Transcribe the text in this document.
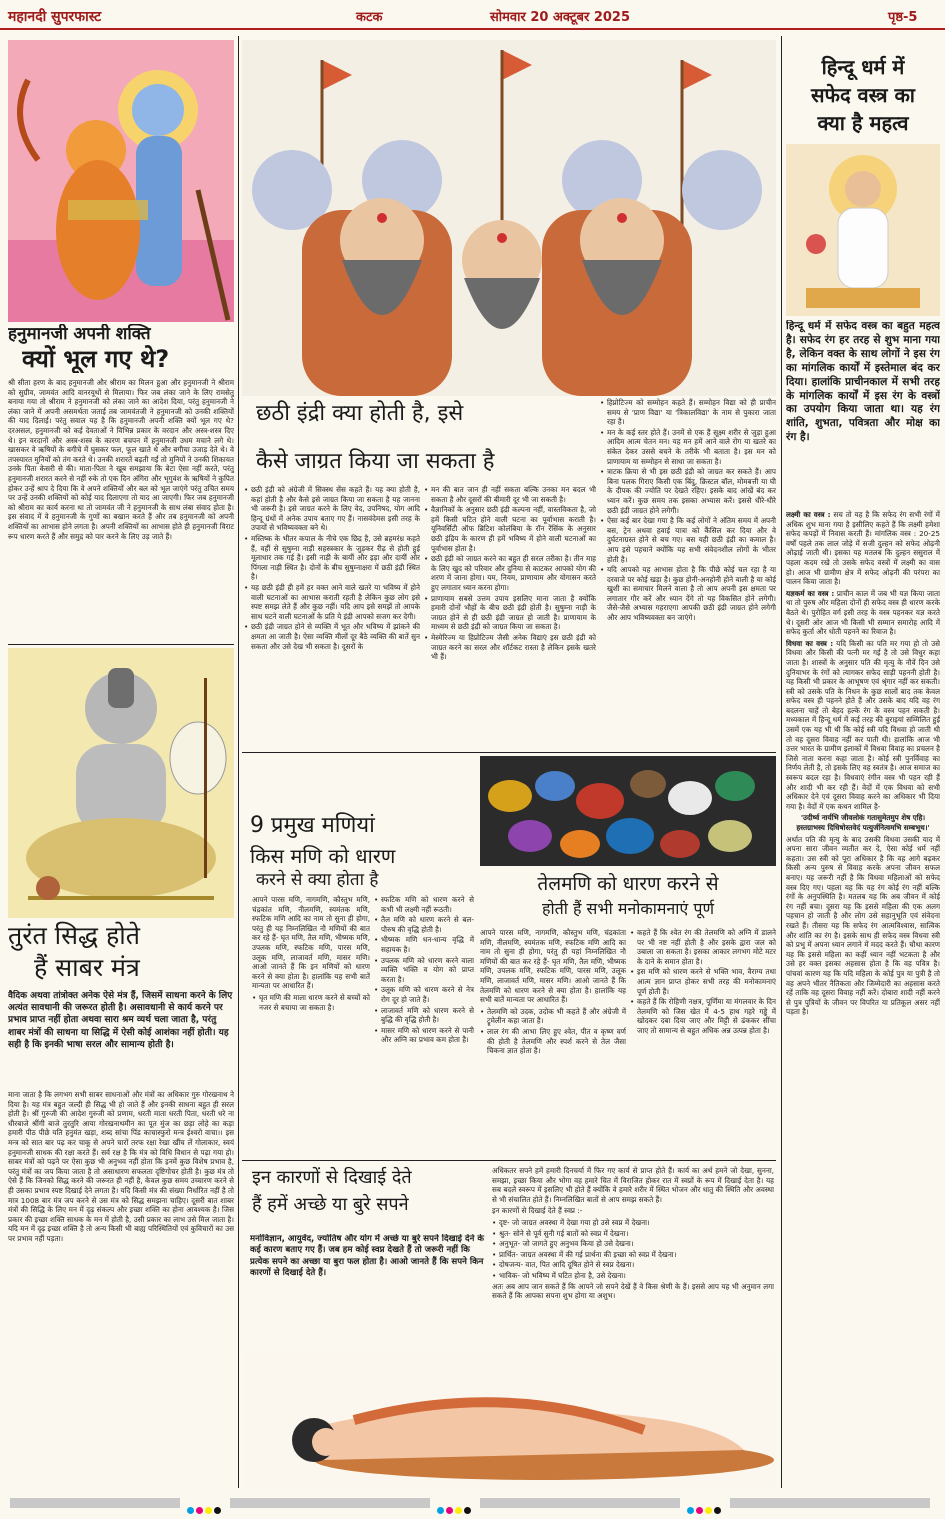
महानदी सुपरफास्ट	कटक	सोमवार 20 अक्टूबर 2025	पृष्ठ-5
हनुमानजी अपनी शक्ति
क्यों भूल गए थे?
श्री सीता हरण के बाद हनुमानजी और श्रीराम का मिलन हुआ और हनुमानजी ने श्रीराम को सुग्रीव, जामवंत आदि वानरयूथों से मिलाया। फिर जब लंका जाने के लिए रामसेतु बनाया गया तो श्रीराम ने हनुमानजी को लंका जाने का आदेश दिया, परंतु हनुमानजी ने लंका जाने में अपनी असमर्थता जताई तब जामवंतजी ने हनुमानजी को उनकी शक्तियों की याद दिलाई। परंतु सवाल यह है कि हनुमानजी अपनी शक्ति क्यों भूल गए थे? दरअसल, हनुमानजी को कई देवताओं ने विभिन्न प्रकार के वरदान और अस्त्र-शस्त्र दिए थे। इन वरदानों और अस्त्र-शस्त्र के कारण बचपन में हनुमानजी उधम मचाने लगे थे। खासकर वे ऋषियों के बगीचे में घुसकर फल, फूल खाते थे और बगीचा उजाड़ देते थे। वे तपस्यारत मुनियों को तंग करते थे। उनकी शरारतें बढ़ती गईं तो मुनियों ने उनकी शिकायत उनके पिता केसरी से की। माता-पिता ने खूब समझाया कि बेटा ऐसा नहीं करते, परंतु हनुमानजी शरारत करने से नहीं रुके तो एक दिन अंगिरा और भृगुवंश के ऋषियों ने कुपित होकर उन्हें श्राप दे दिया कि वे अपने शक्तियों और बल को भूल जाएंगे परंतु उचित समय पर उन्हें उनकी शक्तियों को कोई याद दिलाएगा तो याद आ जाएगी। फिर जब हनुमानजी को श्रीराम का कार्य करना था तो जामवंत जी ने हनुमानजी के साथ लंबा संवाद होता है। इस संवाद में वे हनुमानजी के गुणों का बखान करते हैं और तब हनुमानजी को अपनी शक्तियों का आभास होने लगता है। अपनी शक्तियों का आभास होते ही हनुमानजी विराट रूप धारण करते हैं और समुद्र को पार करने के लिए उड़ जाते हैं।
तुरंत सिद्ध होते
हैं साबर मंत्र
वैदिक अथवा तांत्रोक्त अनेक ऐसे मंत्र हैं, जिसमें साधना करने के लिए अत्यंत सावधानी की जरूरत होती है। असावधानी से कार्य करने पर प्रभाव प्राप्त नहीं होता अथवा सारा श्रम व्यर्थ चला जाता है, परंतु शाबर मंत्रों की साधना या सिद्धि में ऐसी कोई आशंका नहीं होती। यह सही है कि इनकी भाषा सरल और सामान्य होती है।
माना जाता है कि लगभग सभी साबर साधनाओं और मंत्रों का अधिकार गुरु गोरखनाथ ने दिया है। यह मंत्र बहुत जल्दी ही सिद्ध भी हो जाते हैं और इनकी साधना बहुत ही सरल होती है। श्रीं गुरुजी की आदेश गुरुजी को प्रणाम, धरती माता धरती पिता, धरती धरे ना धीरबाजे श्रींगी बाजे तुरतुरि आया गोरखनाथमीन का पूत मुंज का छड़ा लोहे का कड़ा हमारी पीठ पीछे यति हनुमंत खड़ा, शब्द सांचा पिंड काचास्फुरो मन्त्र ईश्वरो वाचा।। इस मन्त्र को सात बार पढ़ कर चाकू से अपने चारों तरफ रक्षा रेखा खींच लें गोलाकार, स्वयं हनुमानजी साधक की रक्षा करते हैं। सर्व रक्ष है कि मंत्र को विधि विधान से पढ़ा गया हो। साबर मंत्रों को पढ़ने पर ऐसा कुछ भी अनुभव नहीं होता कि इनमें कुछ विशेष प्रभाव है, परंतु मंत्रों का जप किया जाता है तो असाधारण सफलता दृष्टिगोचर होती है। कुछ मंत्र तो ऐसे हैं कि जिनको सिद्ध करने की जरूरत ही नहीं है, केवल कुछ समय उच्चारण करने से ही उसका प्रभाव स्पष्ट दिखाई देने लगता है। यदि किसी मंत्र की संख्या निर्धारित नहीं है तो मात्र 1008 बार मंत्र जप करने से उस मंत्र को सिद्ध समझना चाहिए। दूसरी बात शाबर मंत्रों की सिद्धि के लिए मन में दृढ़ संकल्प और इच्छा शक्ति का होना आवश्यक है। जिस प्रकार की इच्छा शक्ति साधक के मन में होती है, उसी प्रकार का लाभ उसे मिल जाता है। यदि मन में दृढ़ इच्छा शक्ति है तो अन्य किसी भी बाह्य परिस्थितियों एवं कुविचारों का उस पर प्रभाव नहीं पड़ता।
छठी इंद्री क्या होती है, इसे
कैसे जाग्रत किया जा सकता है
• छठी इंद्री को अंग्रेजी में सिक्स्थ सेंस कहते हैं। यह क्या होती है, कहां होती है और कैसे इसे जाग्रत किया जा सकता है यह जानना भी जरूरी है। इसे जाग्रत करने के लिए वेद, उपनिषद, योग आदि हिन्दू ग्रंथों में अनेक उपाय बताए गए हैं। नासवंदेमस इसी तरह के उपायों से भविष्यवक्ता बने थे।
• मस्तिष्क के भीतर कपाल के नीचे एक छिद्र है, उसे ब्रहमरंध्र कहते हैं, वहीं से सुषुम्ना नाड़ी सहस्त्रकार के जुड़कर रीढ़ से होती हुई मूलाधार तक गई है। इसी नाड़ी के बायीं और इड़ा और दायीं ओर पिंगला नाड़ी स्थित है। दोनों के बीच सुषुम्नाक्षरा में छठी इंद्री स्थित है।
• यह छठी इंद्री ही हमें हर वक्त आने वाले खतरे या भविष्य में होने वाली घटनाओं का आभास कराती रहती है लेकिन कुछ लोग इसे स्पष्ट समझ लेते हैं और कुछ नहीं। यदि आप इसे समझें तो आपके साथ घटने वाली घटनाओं के प्रति ये इंद्री आपको सजग कर देगी।
• छठी इंद्री जाग्रत होने से व्यक्ति में भूत और भविष्य में झांकने की क्षमता आ जाती है। ऐसा व्यक्ति मीलों दूर बैठे व्यक्ति की बातें सुन सकता और उसे देख भी सकता है। दूसरों के
• मन की बात जान ही नहीं सकता बल्कि उनका मन बदल भी सकता है और दूसरों की बीमारी दूर भी जा सकती है।
• वैज्ञानिकों के अनुसार छठी इंद्री कल्पना नहीं, वास्तविकता है, जो हमें किसी घटित होने वाली घटना का पूर्वाभास कराती है। यूनिवर्सिटी ऑफ ब्रिटिश कोलंबिया के रॉन रेंसिंक के अनुसार छठी इंद्रिय के कारण ही हमें भविष्य में होने वाली घटनाओं का पूर्वाभास होता है।
• छठी इंद्री को जाग्रत करने का बहुत ही सरल तरीका है। तीन माह के लिए खुद को परिवार और दुनिया से काटकर आपको योग की शरण में जाना होगा। यम, नियम, प्राणायाम और योगासन करते हुए लगातार ध्यान करना होगा।
• प्राणायाम सबसे उत्तम उपाय इसलिए माना जाता है क्योंकि हमारी दोनों भौहों के बीच छठी इंद्री होती है। सुषुम्ना नाड़ी के जाग्रत होने से ही छठी इंद्री जाग्रत हो जाती है। प्राणायाम के माध्यम से छठी इंद्री को जाग्रत किया जा सकता है।
• मेस्मेरिज्म या हिप्नोटिज्म जैसी अनेक विद्याएं इस छठी इंद्री को जाग्रत करने का सरल और शॉर्टकट रास्ता है लेकिन इसके खतरे भी हैं।
• हिप्नोटिज्म को सम्मोहन कहते हैं। सम्मोहन विद्या को ही प्राचीन समय से 'प्राण विद्या' या 'त्रिकालविद्या' के नाम से पुकारा जाता रहा है।
• मन के कई स्तर होते हैं। उनमें से एक हैं सूक्ष्म शरीर से जुड़ा हुआ आदिम आत्म चेतन मन। यह मन हमें आने वाले रोग या खतरे का संकेत देकर उससे बचने के तरीके भी बताता है। इस मन को प्राणायाम या सम्मोहन से साधा जा सकता है।
• त्राटक क्रिया से भी इस छठी इंद्री को जाग्रत कर सकते हैं। आप बिना पलक गिराए किसी एक बिंदु, क्रिस्टल बॉल, मोमबत्ती या घी के दीपक की ज्योति पर देखते रहिए। इसके बाद आंखें बंद कर ध्यान करें। कुछ समय तक इसका अभ्यास करें। इससे धीरे-धीरे छठी इंद्री जाग्रत होने लगेगी।
• ऐसा कई बार देखा गया है कि कई लोगों ने अंतिम समय में अपनी बस, ट्रेन अथवा हवाई यात्रा को कैंसिल कर दिया और वे दुर्घटनाग्रस्त होने से बच गए। बस यही छठी इंद्री का कमाल है। आप इसे पहचाने क्योंकि यह सभी संवेदनशील लोगों के भीतर होती है।
• यदि आपको यह आभास होता है कि पीछे कोई चल रहा है या दरवाजे पर कोई खड़ा है। कुछ होनी-अनहोनी होने वाली है या कोई खुशी का समाचार मिलने वाला है तो आप अपनी इस क्षमता पर लगातार गौर करें और ध्यान देंगे तो यह विकसित होने लगेगी। जैसे-जैसे अभ्यास गहराएगा आपकी छठी इंद्री जाग्रत होने लगेगी और आप भविष्यवक्ता बन जाएंगे।
9 प्रमुख मणियां
किस मणि को धारण
करने से क्या होता है

आपने पारस मणि, नागमणि, कौस्तुभ मणि, चंद्रकांत मणि, नीलमणि, स्यमंतक मणि, स्फटिक मणि आदि का नाम तो सुना ही होगा, परंतु ही यह निम्नलिखित नौ मणियों की बात कर रहे हैं- घृत मणि, तैल मणि, भीष्मक मणि, उपलक मणि, स्फटिक मणि, पारस मणि, उलूक मणि, लाजावर्त मणि, मासर मणि। आओ जानते हैं कि इन मणियों को धारण करने से क्या होता है। हालांकि यह सभी बातें मान्यता पर आधारित हैं।

• घृत मणि की माला धारण करने से बच्चों को नजर से बचाया जा सकता है।
• स्फटिक मणि को धारण करने से कभी भी लक्ष्मी नहीं रूठती।
• तैल मणि को धारण करने से बल-पौरुष की वृद्धि होती है।
• भीष्मक मणि धन-धान्य वृद्धि में सहायक है।
• उपलक मणि को धारण करने वाला व्यक्ति भक्ति व योग को प्राप्त करता है।
• उलूक मणि को धारण करने से नेत्र रोग दूर हो जाते हैं।
• लाजावर्त मणि को धारण करने से बुद्धि की वृद्धि होती है।
• मासर मणि को धारण करने से पानी और अग्नि का प्रभाव कम होता है।
तेलमणि को धारण करने से
होती हैं सभी मनोकामनाएं पूर्ण

आपने पारस मणि, नागमणि, कौस्तुभ मणि, चंद्रकांता मणि, नीलमणि, स्यमंतक मणि, स्फटिक मणि आदि का नाम तो सुना ही होगा, परंतु ही यहां निम्नलिखित नौ मणियों की बात कर रहे हैं- घृत मणि, तैल मणि, भीष्मक मणि, उपलक मणि, स्फटिक मणि, पारस मणि, उलूक मणि, लाजावर्त मणि, मासर मणि। आओ जानते हैं कि तेलमणि को धारण करने से क्या होता है। हालांकि यह सभी बातें मान्यता पर आधारित हैं।

• तेलमणि को उदक, उदोक भी कहते हैं और अंग्रेजी में ट्रूमेलीन कहा जाता है।
• लाल रंग की आभा लिए हुए श्वेत, पीत व कृष्ण वर्ण की होती है तेलमणि और स्पर्श करने से तेल जैसा चिकना ज्ञात होता है।
• कहते हैं कि श्वेत रंग की तेलमणि को अग्नि में डालने पर भी नष्ट नहीं होती है और इसके द्वारा जल को उबाला जा सकता है। इसका आकार लगभग मोटे मटर के दाने के समान होता है।
• इस मणि को धारण करने से भक्ति भाव, वैराग्य तथा आत्म ज्ञान प्राप्त होकर सभी तरह की मनोकामनाएं पूर्ण होती हैं।
• कहते हैं कि रोहिणी नक्षत्र, पूर्णिमा या मंगलवार के दिन तेलमणि को जिस खेत में 4-5 हाथ गहरे गड्ढे में खोदकर दबा दिया जाए और मिट्टी से ढंककर सींचा जाए तो सामान्य से बहुत अधिक अन्न उत्पन्न होता है।
इन कारणों से दिखाई देते
हैं हमें अच्छे या बुरे सपने
मनोविज्ञान, आयुर्वेद, ज्योतिष और योग में अच्छे या बुरे सपने दिखाई देने के कई कारण बताए गए हैं। जब हम कोई स्वप्न देखते हैं तो जरूरी नहीं कि प्रत्येक सपने का अच्छा या बुरा फल होता है। आओ जानते हैं कि सपने किन कारणों से दिखाई देते हैं।

अधिकतर सपने हमें हमारी दिनचर्या में फिर गए कार्य से प्राप्त होते हैं। कार्य का अर्थ हमने जो देखा, सुनना, समझा, इच्छा किया और भोगा वह हमारे चित में विराजित होकर रात में स्वप्नों के रूप में दिखाई देता है। यह सब बदले स्वरूप में इसलिए भी होते हैं क्योंकि वे हमारे शरीर में स्थित भोजन और धातु की स्थिति और अवस्था से भी संचालित होते हैं। निम्नलिखित बातों से आप समझ सकते हैं।

इन कारणों से दिखाई देते हैं स्वप्न :-

• दृष्ट- जो जाग्रत अवस्था में देखा गया हो उसे स्वप्न में देखना।
• श्रुत- सोने से पूर्व सुनी गई बातों को स्वप्न में देखना।
• अनुभूत- जो जागते हुए अनुभव किया हो उसे देखना।
• प्रार्थित- जाग्रत अवस्था में की गई प्रार्थना की इच्छा को स्वप्न में देखना।
• दोषजन्य- वात, पित आदि दूषित होने से स्वप्न देखना।
• भाविक- जो भविष्य में घटित होना है, उसे देखना।

अतः अब आप जान सकते हैं कि आपने जो सपने देखें हैं वे किस श्रेणी के हैं। इससे आप यह भी अनुमान लगा सकते हैं कि आपका सपना शुभ होगा या अशुभ।

हिन्दू धर्म में
सफेद वस्त्र का
क्या है महत्व
हिन्दू धर्म में सफेद वस्त्र का बहुत महत्व है। सफेद रंग हर तरह से शुभ माना गया है, लेकिन वक्त के साथ लोगों ने इस रंग का मांगलिक कार्यों में इस्तेमाल बंद कर दिया। हालांकि प्राचीनकाल में सभी तरह के मांगलिक कार्यों में इस रंग के वस्त्रों का उपयोग किया जाता था। यह रंग शांति, शुभता, पवित्रता और मोक्ष का रंग है।

लक्ष्मी का वस्त्र : सच तो यह है कि सफेद रंग सभी रंगों में अधिक शुभ माना गया है इसीलिए कहते हैं कि लक्ष्मी हमेशा सफेद कपड़ों में निवास करती हैं। मांगलिक वस्त्र : 20-25 वर्षों पहले तक लाल जोड़े में सजी दुल्हन को सफेद ओढ़नी ओढ़ाई जाती थी। इसका यह मतलब कि दुल्हन ससुराल में पहला कदम रखे तो उसके सफेद वस्त्रों में लक्ष्मी का वास हो। आज भी ग्रामीण क्षेत्र में सफेद ओढ़नी की परंपरा का पालन किया जाता है।

यज्ञकर्म का वस्त्र : प्राचीन काल में जब भी यज्ञ किया जाता था तो पुरुष और महिला दोनों ही सफेद वस्त्र ही धारण करके बैठते थे। पुरोहित वर्ग इसी तरह के वस्त्र पहनकर यज्ञ करते थे। दूसरी ओर आज भी किसी भी सम्मान समारोह आदि में सफेद कुर्ता और धोती पहनने का रिवाज है।

विधवा का वस्त्र : यदि किसी का पति मर गया हो तो उसे विधवा और किसी की पत्नी मर गई है तो उसे विधुर कहा जाता है। शास्त्रों के अनुसार पति की मृत्यु के नौवें दिन उसे दुनियाभर के रंगों को त्यागकर सफेद साड़ी पहननी होती है। यह किसी भी प्रकार के आभूषण एवं श्रृंगार नहीं कर सकती। स्त्री को उसके पति के निधन के कुछ सालों बाद तक केवल सफेद वस्त्र ही पहनने होते हैं और उसके बाद यदि वह रंग बदलना चाहें तो बेहद हल्के रंग के वस्त्र पहन सकती है। मध्यकाल में हिन्दू धर्म में कई तरह की बुराइयां सम्मिलित हुईं उसमें एक यह भी थी कि कोई स्त्री यदि विधवा हो जाती थी तो वह दूसरा विवाह नहीं कर पाती थी। हालांकि आज भी उत्तर भारत के ग्रामीण इलाकों में विधवा विवाह का प्रचलन है जिसे नाता करना कहा जाता है। कोई स्त्री पुनर्विवाह का निर्णय लेती है, तो इसके लिए वह स्वतंत्र है। आज समाज का स्वरूप बदल रहा है। विधवाएं रंगीन वस्त्र भी पहन रही हैं और शादी भी कर रही हैं। वेदों में एक विधवा को सभी अधिकार देने एवं दूसरा विवाह करने का अधिकार भी दिया गया है। वेदों में एक कथन शामिल है-

'उदीर्ष्व नार्यभि जीवलोकं गतासुमेतमुप शेष एहि। हस्तग्राभस्य दिधिषोस्तवेदं पत्युर्जनित्वमभि सम्बभूथ।'

अर्थात पति की मृत्यु के बाद उसकी विधवा उसकी याद में अपना सारा जीवन व्यतीत कर दे, ऐसा कोई धर्म नहीं कहता। उस स्त्री को पूरा अधिकार है कि वह आगे बढ़कर किसी अन्य पुरुष से विवाह करके अपना जीवन सफल बनाए। यह जरूरी नहीं है कि विधवा महिलाओं को सफेद वस्त्र दिए गए। पहला यह कि यह रंग कोई रंग नहीं बल्कि रंगों के अनुपस्थिति है। मतलब यह कि अब जीवन में कोई रंग नहीं बचा। दूसरा यह कि इससे महिला की एक अलग पहचान हो जाती है और लोग उसे सहानुभूति एवं संवेदना रखते हैं। तीसरा यह कि सफेद रंग आत्मविश्वास, सात्विक और शांति का रंग है। इसके साथ ही सफेद वस्त्र विधवा स्त्री को प्रभु में अपना ध्यान लगाने में मदद करते हैं। चौथा कारण यह कि इससे महिला का कहीं ध्यान नहीं भटकता है और उसे हर वक्त इसका अहसास होता है कि वह पवित्र है। पांचवां कारण यह कि यदि महिला के कोई पुत्र या पुत्री है तो वह अपने भीतर नैतिकता और जिम्मेदारी का अहसास करते रहें ताकि वह दूसरा विवाह नहीं करें। दोबारा शादी नहीं करने से पुत्र पुत्रियों के जीवन पर विपरित या प्रतिकूल असर नहीं पड़ता है।
